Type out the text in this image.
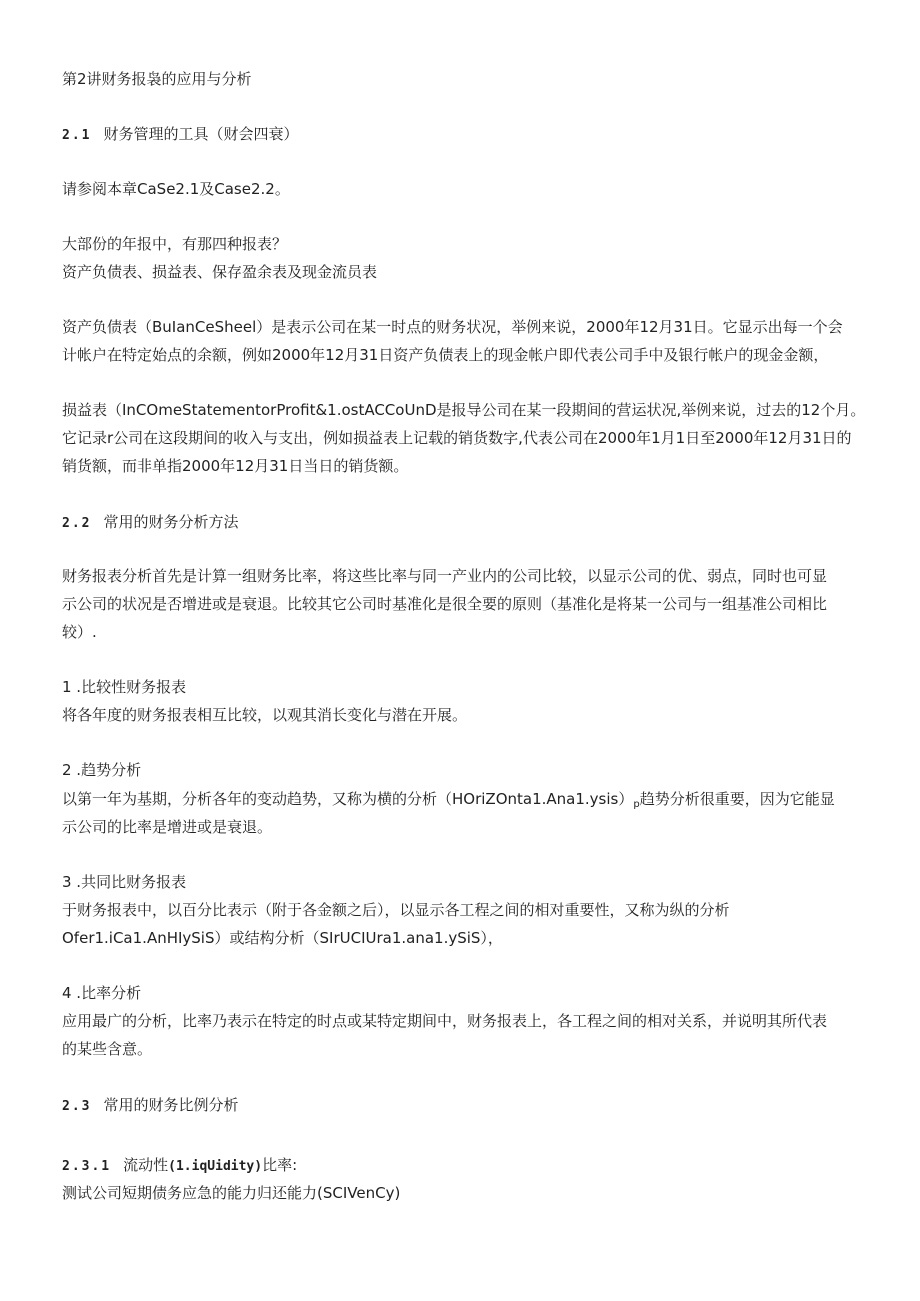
第2讲财务报袅的应用与分析
2.1 财务管理的工具（财会四衰）
请参阅本章CaSe2.1及Case2.2。
大部份的年报中，有那四种报表？
资产负债表、损益表、保存盈余表及现金流员表
资产负债表（BuIanCeSheel）是表示公司在某一时点的财务状况，举例来说，2000年12月31日。它显示出每一个会
计帐户在特定始点的余额，例如2000年12月31日资产负债表上的现金帐户即代表公司手中及银行帐户的现金金额，
损益表（InCOmeStatementorProfit&1.ostACCoUnD是报导公司在某一段期间的营运状况,举例来说，过去的12个月。
它记录r公司在这段期间的收入与支出，例如损益表上记载的销货数字,代表公司在2000年1月1日至2000年12月31日的
销货额，而非单指2000年12月31日当日的销货额。
2.2 常用的财务分析方法
财务报表分析首先是计算一组财务比率，将这些比率与同一产业内的公司比较，以显示公司的优、弱点，同时也可显
示公司的状况是否增进或是衰退。比较其它公司时基准化是很全要的原则（基准化是将某一公司与一组基准公司相比
较）.
1 .比较性财务报表
将各年度的财务报表相互比较，以观其消长变化与潜在开展。
2 .趋势分析
以第一年为基期，分析各年的变动趋势，又称为横的分析$(HOriZOnta1.Ana1.ysis)_p$趋势分析很重要，因为它能显
示公司的比率是增进或是衰退。
3 .共同比财务报表
于财务报表中，以百分比表示（附于各金额之后），以显示各工程之间的相对重要性，又称为纵的分析
Ofer1.iCa1.AnHIySiS）或结构分析（SIrUCIUra1.ana1.ySiS），
4 .比率分析
应用最广的分析，比率乃表示在特定的时点或某特定期间中，财务报表上，各工程之间的相对关系，并说明其所代表
的某些含意。
2.3 常用的财务比例分析
2.3.1 流动性(1.iqUidity)比率:
测试公司短期债务应急的能力归还能力(SCIVenCy)
